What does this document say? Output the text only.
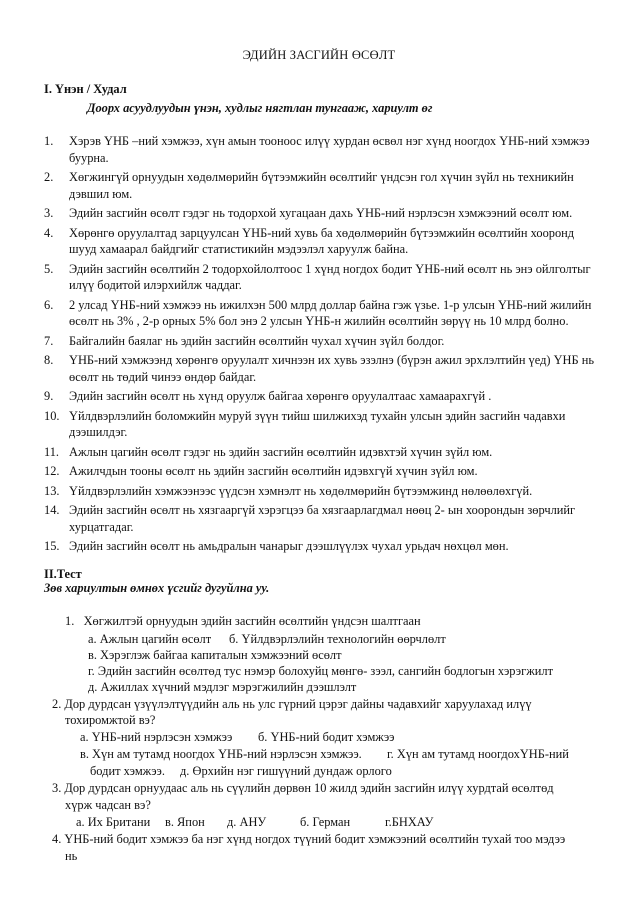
ЭДИЙН ЗАСГИЙН ӨСӨЛТ
I. Үнэн / Худал
Доорх асуудлуудын үнэн, худлыг нягтлан тунгааж, хариулт өг
1. Хэрэв ҮНБ –ний хэмжээ, хүн амын тооноос илүү хурдан өсвөл нэг хүнд ноогдох ҮНБ-ний хэмжээ буурна.
2. Хөгжингүй орнуудын хөдөлмөрийн бүтээмжийн өсөлтийг үндсэн гол хүчин зүйл нь техникийн дэвшил юм.
3. Эдийн засгийн өсөлт гэдэг нь тодорхой хугацаан дахь ҮНБ-ний нэрлэсэн хэмжээний өсөлт юм.
4. Хөрөнгө оруулалтад зарцуулсан ҮНБ-ний хувь ба хөдөлмөрийн бүтээмжийн өсөлтийн хооронд шууд хамаарал байдгийг статистикийн мэдээлэл харуулж байна.
5. Эдийн засгийн өсөлтийн 2 тодорхойлолтоос 1 хүнд ногдох бодит ҮНБ-ний өсөлт нь энэ ойлголтыг илүү бодитой илэрхийлж чаддаг.
6. 2 улсад ҮНБ-ний хэмжээ нь ижилхэн 500 млрд доллар байна гэж үзье. 1-р улсын ҮНБ-ний жилийн өсөлт нь 3% , 2-р орных 5% бол энэ 2 улсын ҮНБ-н жилийн өсөлтийн зөрүү нь 10 млрд болно.
7. Байгалийн баялаг нь эдийн засгийн өсөлтийн чухал хүчин зүйл болдог.
8. ҮНБ-ний хэмжээнд хөрөнгө оруулалт хичнээн их хувь эзэлнэ (бүрэн ажил эрхлэлтийн үед) ҮНБ нь өсөлт нь төдий чинээ өндөр байдаг.
9. Эдийн засгийн өсөлт нь хүнд оруулж байгаа хөрөнгө оруулалтаас хамаарахгүй .
10. Үйлдвэрлэлийн боломжийн муруй зүүн тийш шилжихэд тухайн улсын эдийн засгийн чадавхи дээшилдэг.
11. Ажлын цагийн өсөлт гэдэг нь эдийн засгийн өсөлтийн идэвхтэй хүчин зүйл юм.
12. Ажилчдын тооны өсөлт нь эдийн засгийн өсөлтийн идэвхгүй хүчин зүйл юм.
13. Үйлдвэрлэлийн хэмжээнээс үүдсэн хэмнэлт нь хөдөлмөрийн бүтээмжинд нөлөөлөхгүй.
14. Эдийн засгийн өсөлт нь хязгааргүй хэрэгцээ ба хязгаарлагдмал нөөц 2- ын хоорондын зөрчлийг хурцатгадаг.
15. Эдийн засгийн өсөлт нь амьдралын чанарыг дээшлүүлэх чухал урьдач нөхцөл мөн.
II.Тест
Зөв хариултын өмнөх үсгийг дугуйлна уу.
1. Хөгжилтэй орнуудын эдийн засгийн өсөлтийн үндсэн шалтгаан
а. Ажлын цагийн өсөлт б. Үйлдвэрлэлийн технологийн өөрчлөлт
в. Хэрэглэж байгаа капиталын хэмжээний өсөлт
г. Эдийн засгийн өсөлтөд тус нэмэр болохуйц мөнгө- зээл, сангийн бодлогын хэрэгжилт
д. Ажиллах хүчний мэдлэг мэрэгжилийн дээшлэлт
2. Дор дурдсан үзүүлэлтүүдийн аль нь улс гүрний цэрэг дайны чадавхийг харуулахад илүү
тохиромжтой вэ?
а. ҮНБ-ний нэрлэсэн хэмжээ б. ҮНБ-ний бодит хэмжээ
в. Хүн ам тутамд ноогдох ҮНБ-ний нэрлэсэн хэмжээ. г. Хүн ам тутамд ноогдохҮНБ-ний
бодит хэмжээ. д. Өрхийн нэг гишүүний дундаж орлого
3. Дор дурдсан орнуудаас аль нь сүүлийн дөрвөн 10 жилд эдийн засгийн илүү хурдтай өсөлтөд
хүрж чадсан вэ?
а. Их Британи в. Япон д. АНУ	б. Герман	г.БНХАУ
4. ҮНБ-ний бодит хэмжээ ба нэг хүнд ногдох түүний бодит хэмжээний өсөлтийн тухай тоо мэдээ
нь
